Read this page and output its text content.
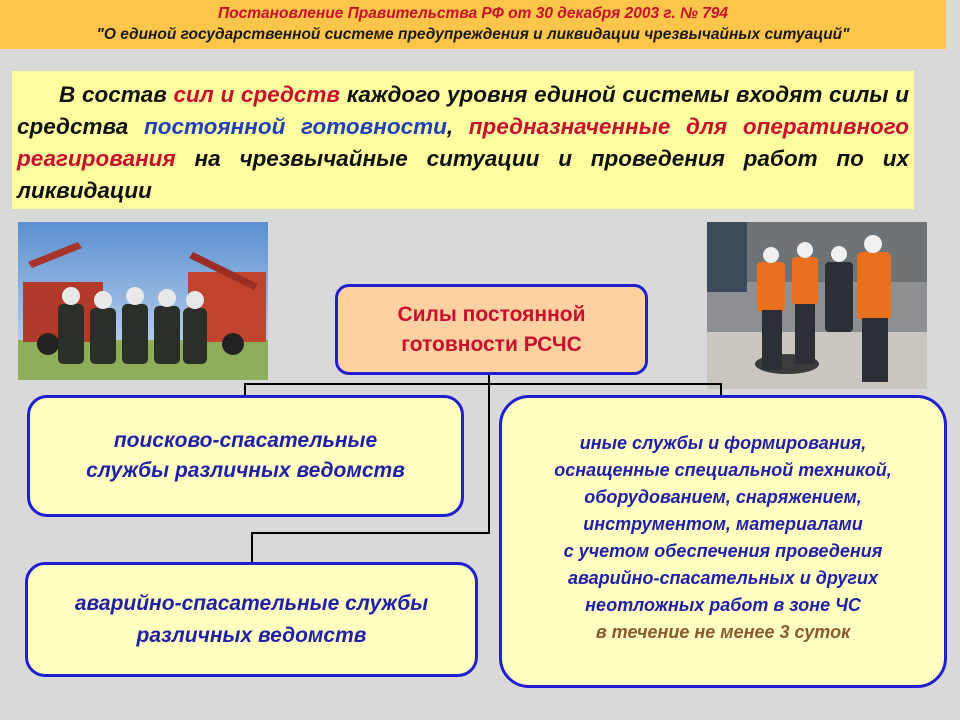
Постановление Правительства РФ от 30 декабря 2003 г. № 794
"О единой государственной системе предупреждения и ликвидации чрезвычайных ситуаций"

В состав сил и средств каждого уровня единой системы входят силы и средства постоянной готовности, предназначенные для оперативного реагирования на чрезвычайные ситуации и проведения работ по их ликвидации

Силы постоянной
готовности РСЧС
поисково-спасательные
службы различных ведомств
аварийно-спасательные службы
различных ведомств
иные службы и формирования,
оснащенные специальной техникой,
оборудованием, снаряжением,
инструментом, материалами
с учетом обеспечения проведения
аварийно-спасательных и других
неотложных работ в зоне ЧС
в течение не менее 3 суток
